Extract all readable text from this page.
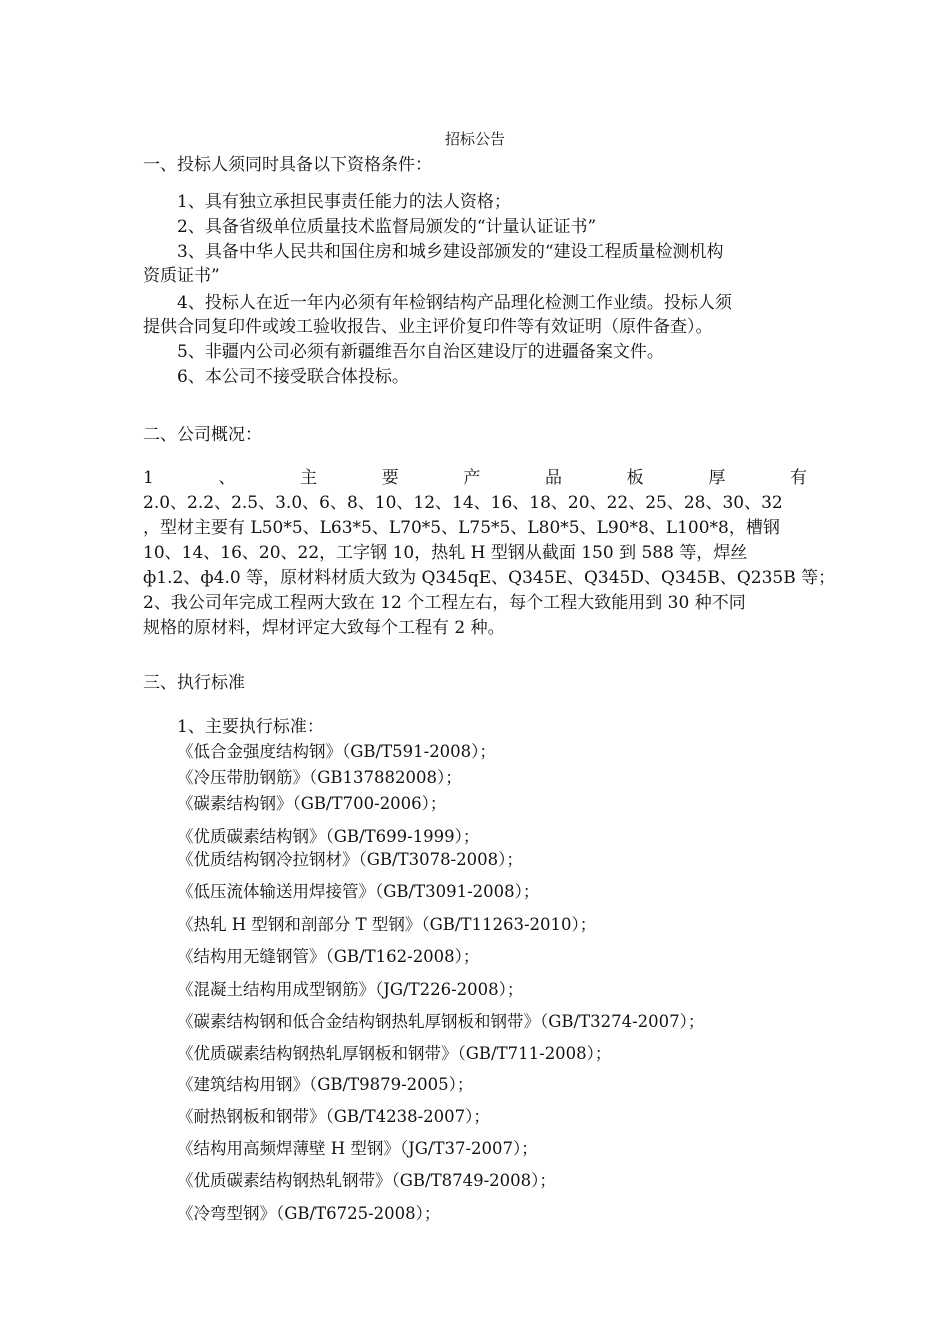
招标公告
一、投标人须同时具备以下资格条件：
1、具有独立承担民事责任能力的法人资格；
2、具备省级单位质量技术监督局颁发的“计量认证证书”
3、具备中华人民共和国住房和城乡建设部颁发的“建设工程质量检测机构
资质证书”
4、投标人在近一年内必须有年检钢结构产品理化检测工作业绩。投标人须
提供合同复印件或竣工验收报告、业主评价复印件等有效证明（原件备查）。
5、非疆内公司必须有新疆维吾尔自治区建设厅的进疆备案文件。
6、本公司不接受联合体投标。
二、公司概况：
1	、	主	要	产	品	板	厚	有
2.0、2.2、2.5、3.0、6、8、10、12、14、16、18、20、22、25、28、30、32
，型材主要有 L50*5、L63*5、L70*5、L75*5、L80*5、L90*8、L100*8，槽钢
10、14、16、20、22，工字钢 10，热轧 H 型钢从截面 150 到 588 等，焊丝
ф1.2、ф4.0 等，原材料材质大致为 Q345qE、Q345E、Q345D、Q345B、Q235B 等；
2、我公司年完成工程两大致在 12 个工程左右，每个工程大致能用到 30 种不同
规格的原材料，焊材评定大致每个工程有 2 种。
三、执行标准
1、主要执行标准：
《低合金强度结构钢》（GB/T591-2008）；
《冷压带肋钢筋》（GB137882008）；
《碳素结构钢》（GB/T700-2006）；
《优质碳素结构钢》（GB/T699-1999）；
《优质结构钢冷拉钢材》（GB/T3078-2008）；
《低压流体输送用焊接管》（GB/T3091-2008）；
《热轧 H 型钢和剖部分 T 型钢》（GB/T11263-2010）；
《结构用无缝钢管》（GB/T162-2008）；
《混凝土结构用成型钢筋》（JG/T226-2008）；
《碳素结构钢和低合金结构钢热轧厚钢板和钢带》（GB/T3274-2007）；
《优质碳素结构钢热轧厚钢板和钢带》（GB/T711-2008）；
《建筑结构用钢》（GB/T9879-2005）；
《耐热钢板和钢带》（GB/T4238-2007）；
《结构用高频焊薄壁 H 型钢》（JG/T37-2007）；
《优质碳素结构钢热轧钢带》（GB/T8749-2008）；
《冷弯型钢》（GB/T6725-2008）；
